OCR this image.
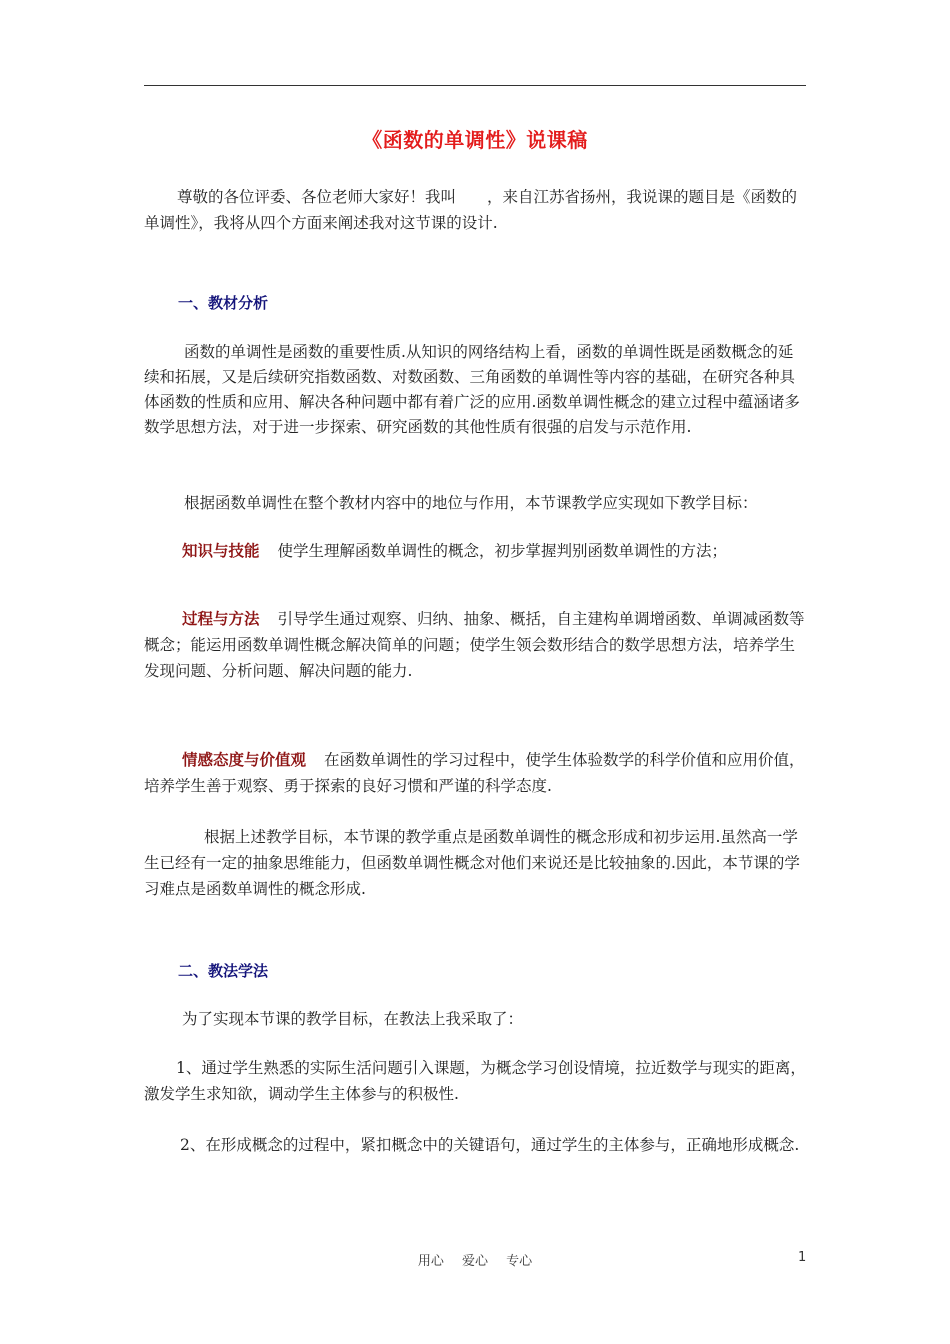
《函数的单调性》说课稿
尊敬的各位评委、各位老师大家好！我叫　　，来自江苏省扬州，我说课的题目是《函数的单调性》，我将从四个方面来阐述我对这节课的设计.
一、教材分析
函数的单调性是函数的重要性质.从知识的网络结构上看，函数的单调性既是函数概念的延续和拓展，又是后续研究指数函数、对数函数、三角函数的单调性等内容的基础，在研究各种具体函数的性质和应用、解决各种问题中都有着广泛的应用.函数单调性概念的建立过程中蕴涵诸多数学思想方法，对于进一步探索、研究函数的其他性质有很强的启发与示范作用.
根据函数单调性在整个教材内容中的地位与作用，本节课教学应实现如下教学目标：
知识与技能 使学生理解函数单调性的概念，初步掌握判别函数单调性的方法；
过程与方法 引导学生通过观察、归纳、抽象、概括，自主建构单调增函数、单调减函数等概念；能运用函数单调性概念解决简单的问题；使学生领会数形结合的数学思想方法，培养学生发现问题、分析问题、解决问题的能力.
情感态度与价值观 在函数单调性的学习过程中，使学生体验数学的科学价值和应用价值，培养学生善于观察、勇于探索的良好习惯和严谨的科学态度.
根据上述教学目标，本节课的教学重点是函数单调性的概念形成和初步运用.虽然高一学生已经有一定的抽象思维能力，但函数单调性概念对他们来说还是比较抽象的.因此，本节课的学习难点是函数单调性的概念形成.
二、教法学法
为了实现本节课的教学目标，在教法上我采取了：
1、通过学生熟悉的实际生活问题引入课题，为概念学习创设情境，拉近数学与现实的距离，激发学生求知欲，调动学生主体参与的积极性.
2、在形成概念的过程中，紧扣概念中的关键语句，通过学生的主体参与，正确地形成概念.
用心 爱心 专心	1
